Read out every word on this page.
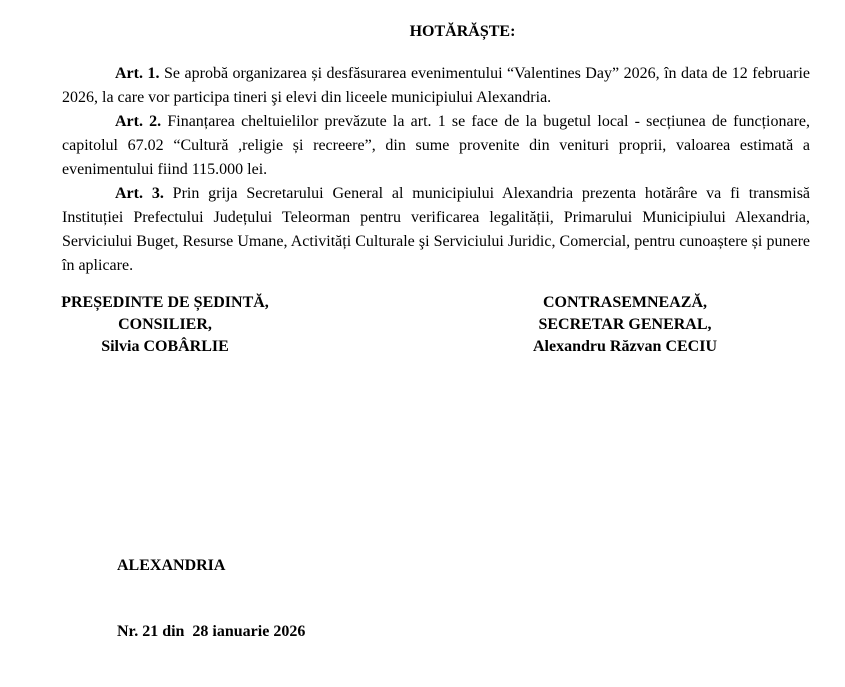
HOTĂRĂȘTE:

Art. 1. Se aprobă organizarea și desfăsurarea evenimentului “Valentines Day” 2026, în data de 12 februarie 2026, la care vor participa tineri şi elevi din liceele municipiului Alexandria.

Art. 2. Finanțarea cheltuielilor prevăzute la art. 1 se face de la bugetul local - secțiunea de funcționare, capitolul 67.02 “Cultură ,religie și recreere”, din sume provenite din venituri proprii, valoarea estimată a evenimentului fiind 115.000 lei.

Art. 3. Prin grija Secretarului General al municipiului Alexandria prezenta hotărâre va fi transmisă Instituției Prefectului Județului Teleorman pentru verificarea legalității, Primarului Municipiului Alexandria, Serviciului Buget, Resurse Umane, Activități Culturale şi Serviciului Juridic, Comercial, pentru cunoaștere și punere în aplicare.

PREȘEDINTE DE ȘEDINTĂ,
CONSILIER,
Silvia COBÂRLIE
CONTRASEMNEAZĂ,
SECRETAR GENERAL,
Alexandru Răzvan CECIU

ALEXANDRIA

Nr. 21 din  28 ianuarie 2026
